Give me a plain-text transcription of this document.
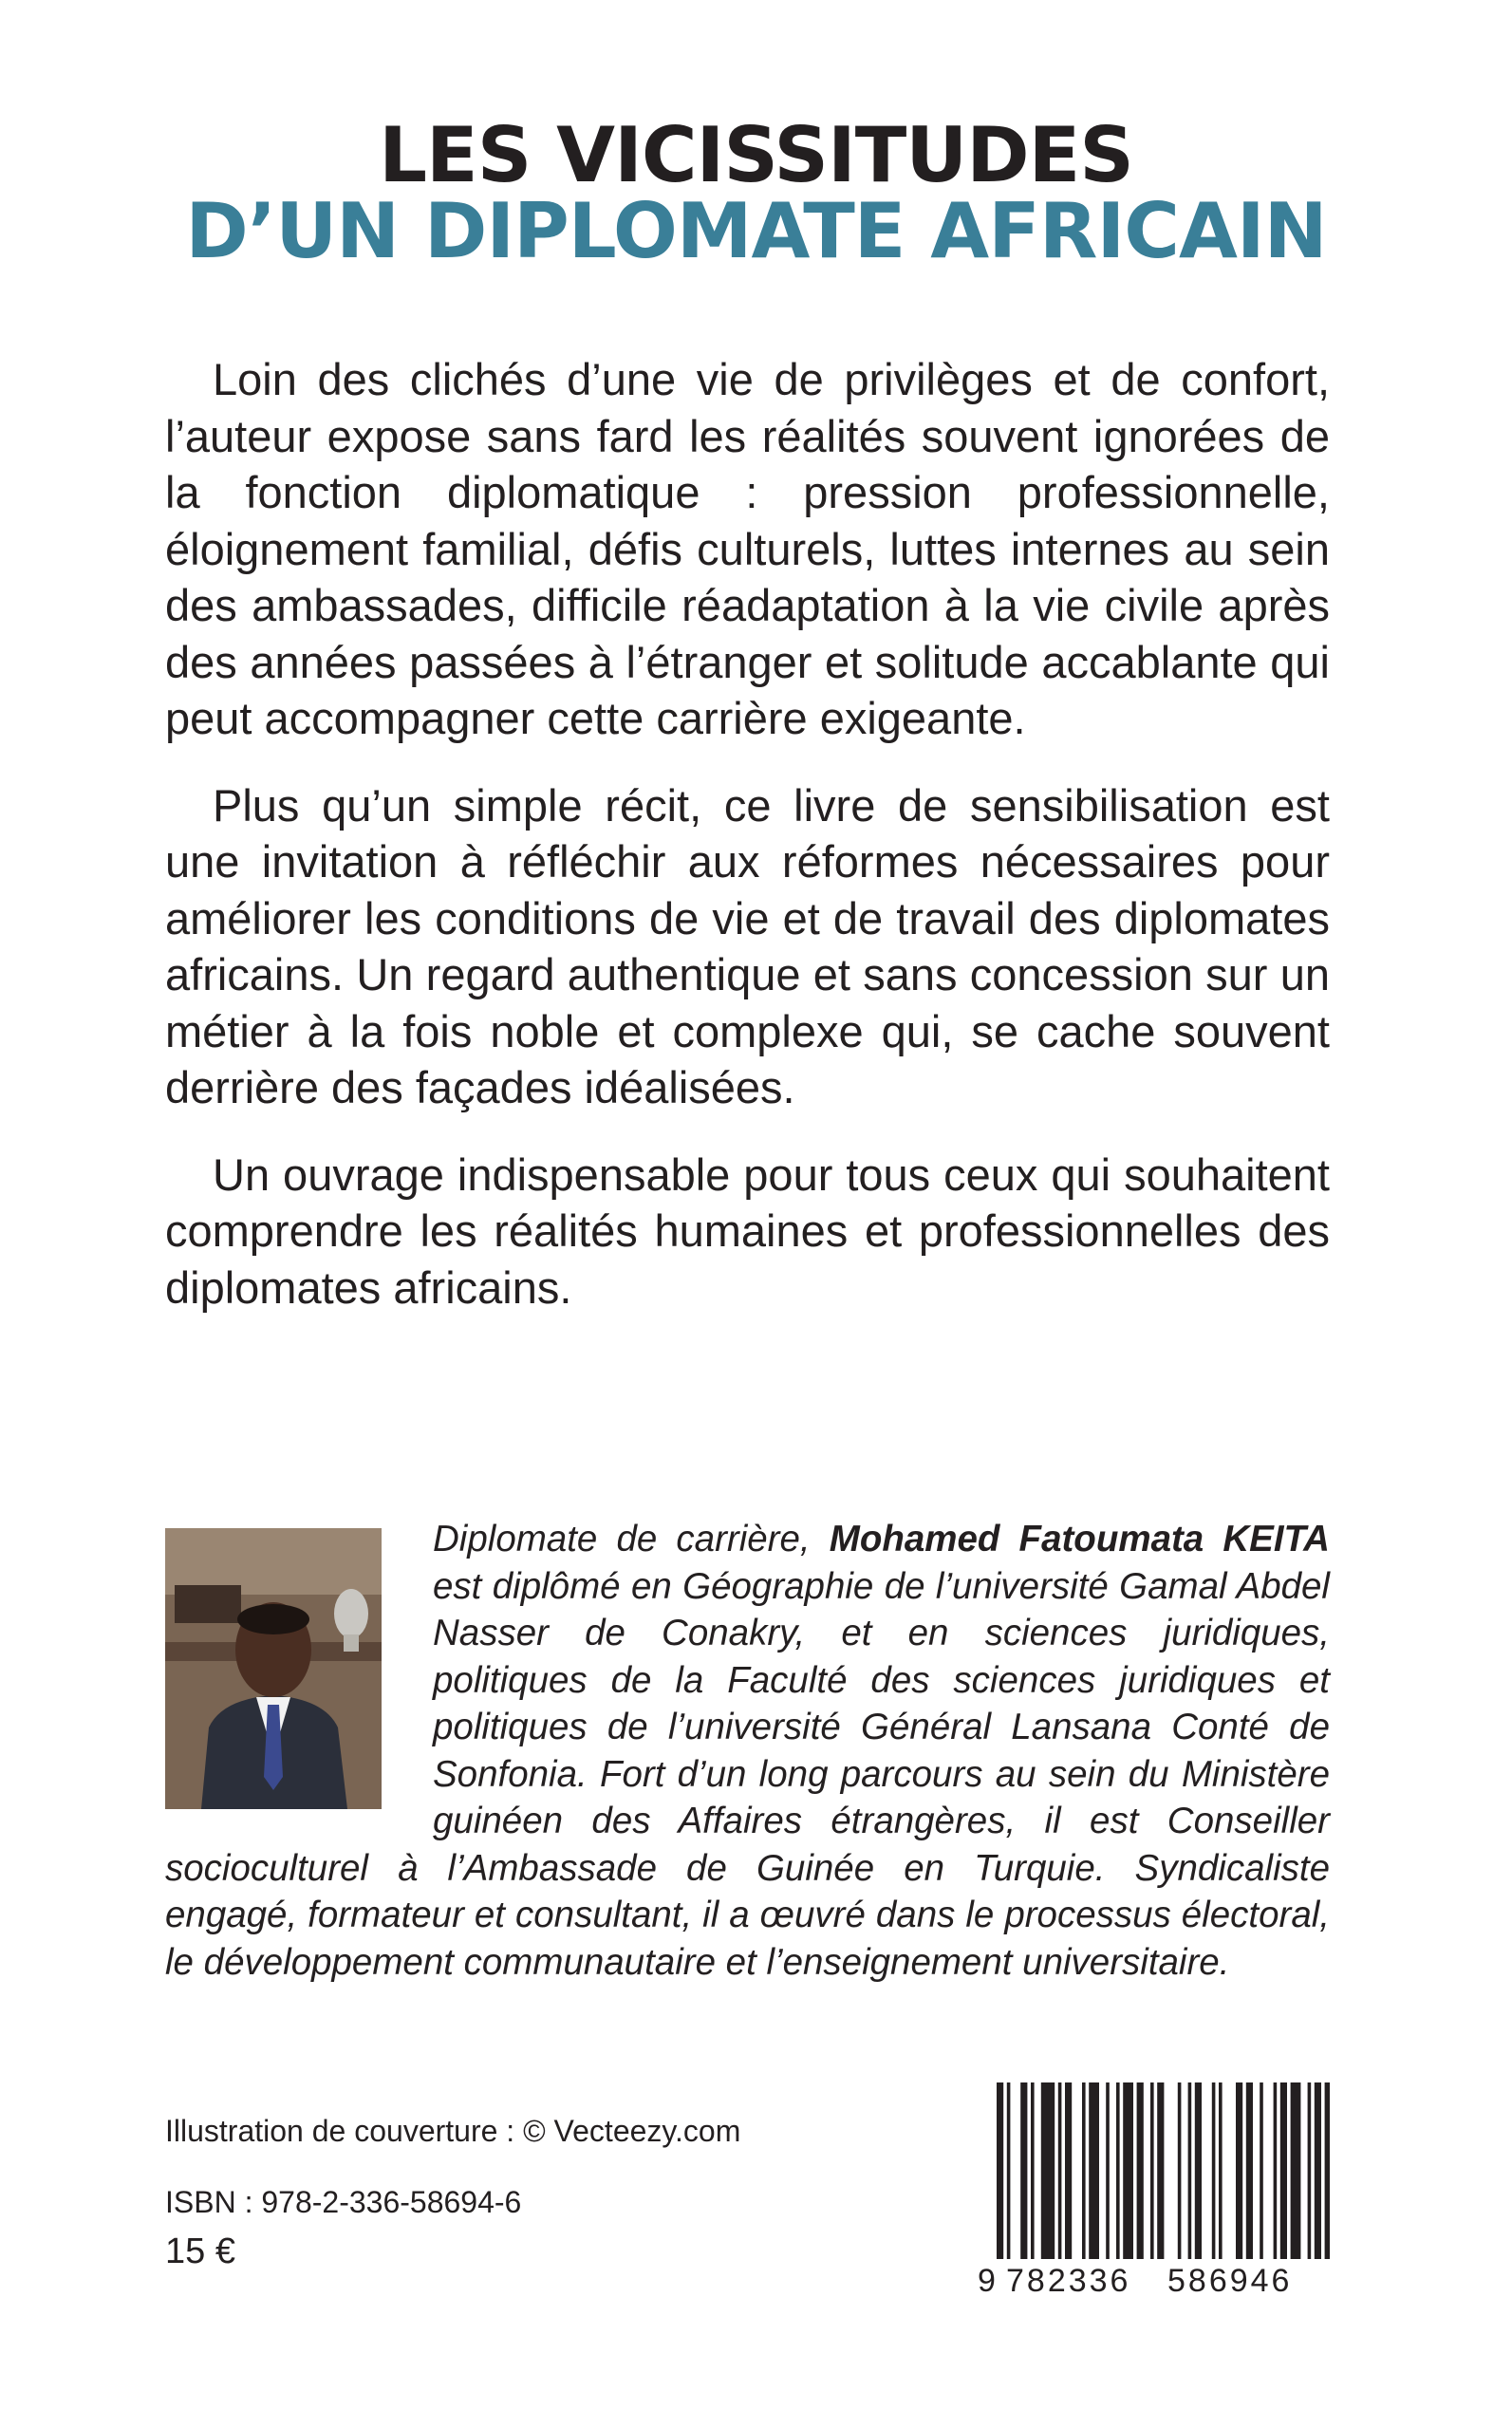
LES VICISSITUDES
D’UN DIPLOMATE AFRICAIN

Loin des clichés d’une vie de privilèges et de confort, l’auteur expose sans fard les réalités souvent ignorées de la fonction diplomatique : pression professionnelle, éloignement familial, défis culturels, luttes internes au sein des ambassades, difficile réadaptation à la vie civile après des années passées à l’étranger et solitude accablante qui peut accompagner cette carrière exigeante.

Plus qu’un simple récit, ce livre de sensibilisation est une invitation à réfléchir aux réformes nécessaires pour améliorer les conditions de vie et de travail des diplomates africains. Un regard authentique et sans concession sur un métier à la fois noble et complexe qui, se cache souvent derrière des façades idéalisées.

Un ouvrage indispensable pour tous ceux qui souhaitent comprendre les réalités humaines et professionnelles des diplomates africains.

Diplomate de carrière, Mohamed Fatoumata KEITA est diplômé en Géographie de l’université Gamal Abdel Nasser de Conakry, et en sciences juridiques, politiques de la Faculté des sciences juridiques et politiques de l’université Général Lansana Conté de Sonfonia. Fort d’un long parcours au sein du Ministère guinéen des Affaires étrangères, il est Conseiller socioculturel à l’Ambassade de Guinée en Turquie. Syndicaliste engagé, formateur et consultant, il a œuvré dans le processus électoral, le développement communautaire et l’enseignement universitaire.
Illustration de couverture : © Vecteezy.com
ISBN : 978-2-336-58694-6
15 €
9 782336 586946
